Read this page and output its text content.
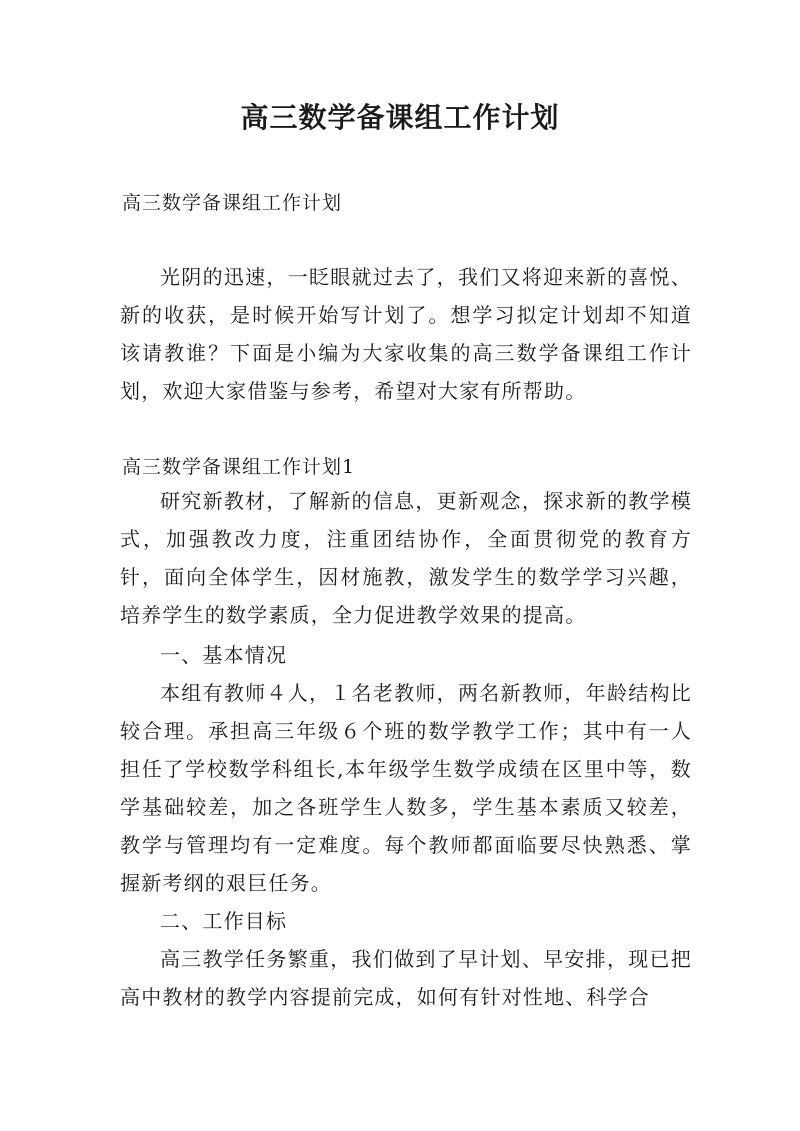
高三数学备课组工作计划

高三数学备课组工作计划

光阴的迅速，一眨眼就过去了，我们又将迎来新的喜悦、新的收获，是时候开始写计划了。想学习拟定计划却不知道该请教谁？下面是小编为大家收集的高三数学备课组工作计划，欢迎大家借鉴与参考，希望对大家有所帮助。

高三数学备课组工作计划1

研究新教材，了解新的信息，更新观念，探求新的教学模式，加强教改力度，注重团结协作，全面贯彻党的教育方针，面向全体学生，因材施教，激发学生的数学学习兴趣，培养学生的数学素质，全力促进教学效果的提高。

一、基本情况

本组有教师４人，１名老教师，两名新教师，年龄结构比较合理。承担高三年级６个班的数学教学工作；其中有一人担任了学校数学科组长,本年级学生数学成绩在区里中等，数学基础较差，加之各班学生人数多，学生基本素质又较差，教学与管理均有一定难度。每个教师都面临要尽快熟悉、掌握新考纲的艰巨任务。

二、工作目标

高三教学任务繁重，我们做到了早计划、早安排，现已把高中教材的教学内容提前完成，如何有针对性地、科学合
